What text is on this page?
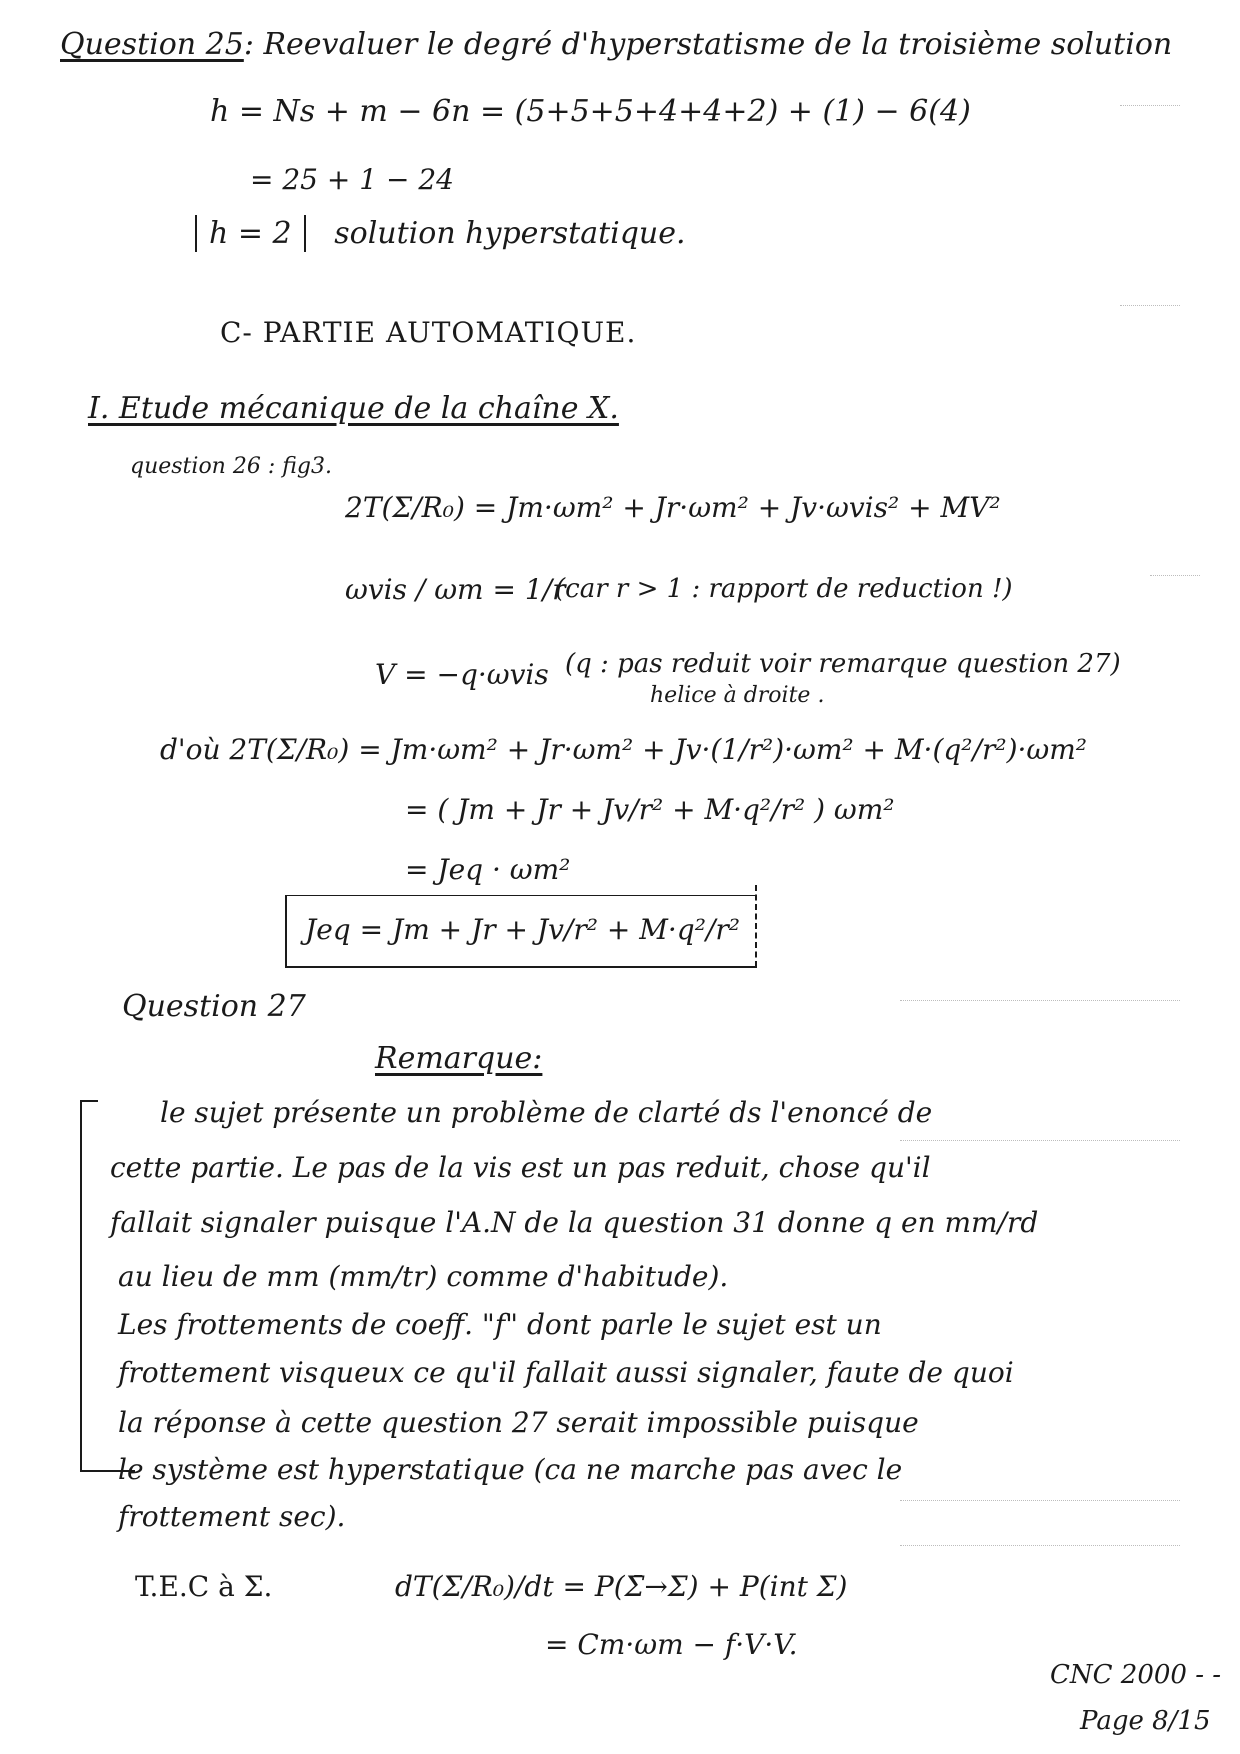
Question 25: Reevaluer le degré d'hyperstatisme de la troisième solution
h = Ns + m − 6n = (5+5+5+4+4+2) + (1) − 6(4)
= 25 + 1 − 24
h = 2 solution hyperstatique.
C- PARTIE AUTOMATIQUE.
I. Etude mécanique de la chaîne X.
question 26 : fig3.
2T(Σ/R₀) = Jm·ωm² + Jr·ωm² + Jv·ωvis² + MV²
ωvis / ωm = 1/r
(car r > 1 : rapport de reduction !)
V = −q·ωvis (q : pas reduit voir remarque question 27)
helice à droite .
d'où 2T(Σ/R₀) = Jm·ωm² + Jr·ωm² + Jv·(1/r²)·ωm² + M·(q²/r²)·ωm²
= ( Jm + Jr + Jv/r² + M·q²/r² ) ωm²
= Jeq · ωm²
Jeq = Jm + Jr + Jv/r² + M·q²/r²
Question 27
Remarque:
le sujet présente un problème de clarté ds l'enoncé de
cette partie. Le pas de la vis est un pas reduit, chose qu'il
fallait signaler puisque l'A.N de la question 31 donne q en mm/rd
au lieu de mm (mm/tr) comme d'habitude).
Les frottements de coeff. "f" dont parle le sujet est un
frottement visqueux ce qu'il fallait aussi signaler, faute de quoi
la réponse à cette question 27 serait impossible puisque
le système est hyperstatique (ca ne marche pas avec le
frottement sec).
T.E.C à Σ.	dT(Σ/R₀)/dt = P(Σ̄→Σ) + P(int Σ)
= Cm·ωm − f·V·V.
CNC 2000 - -
Page 8/15
